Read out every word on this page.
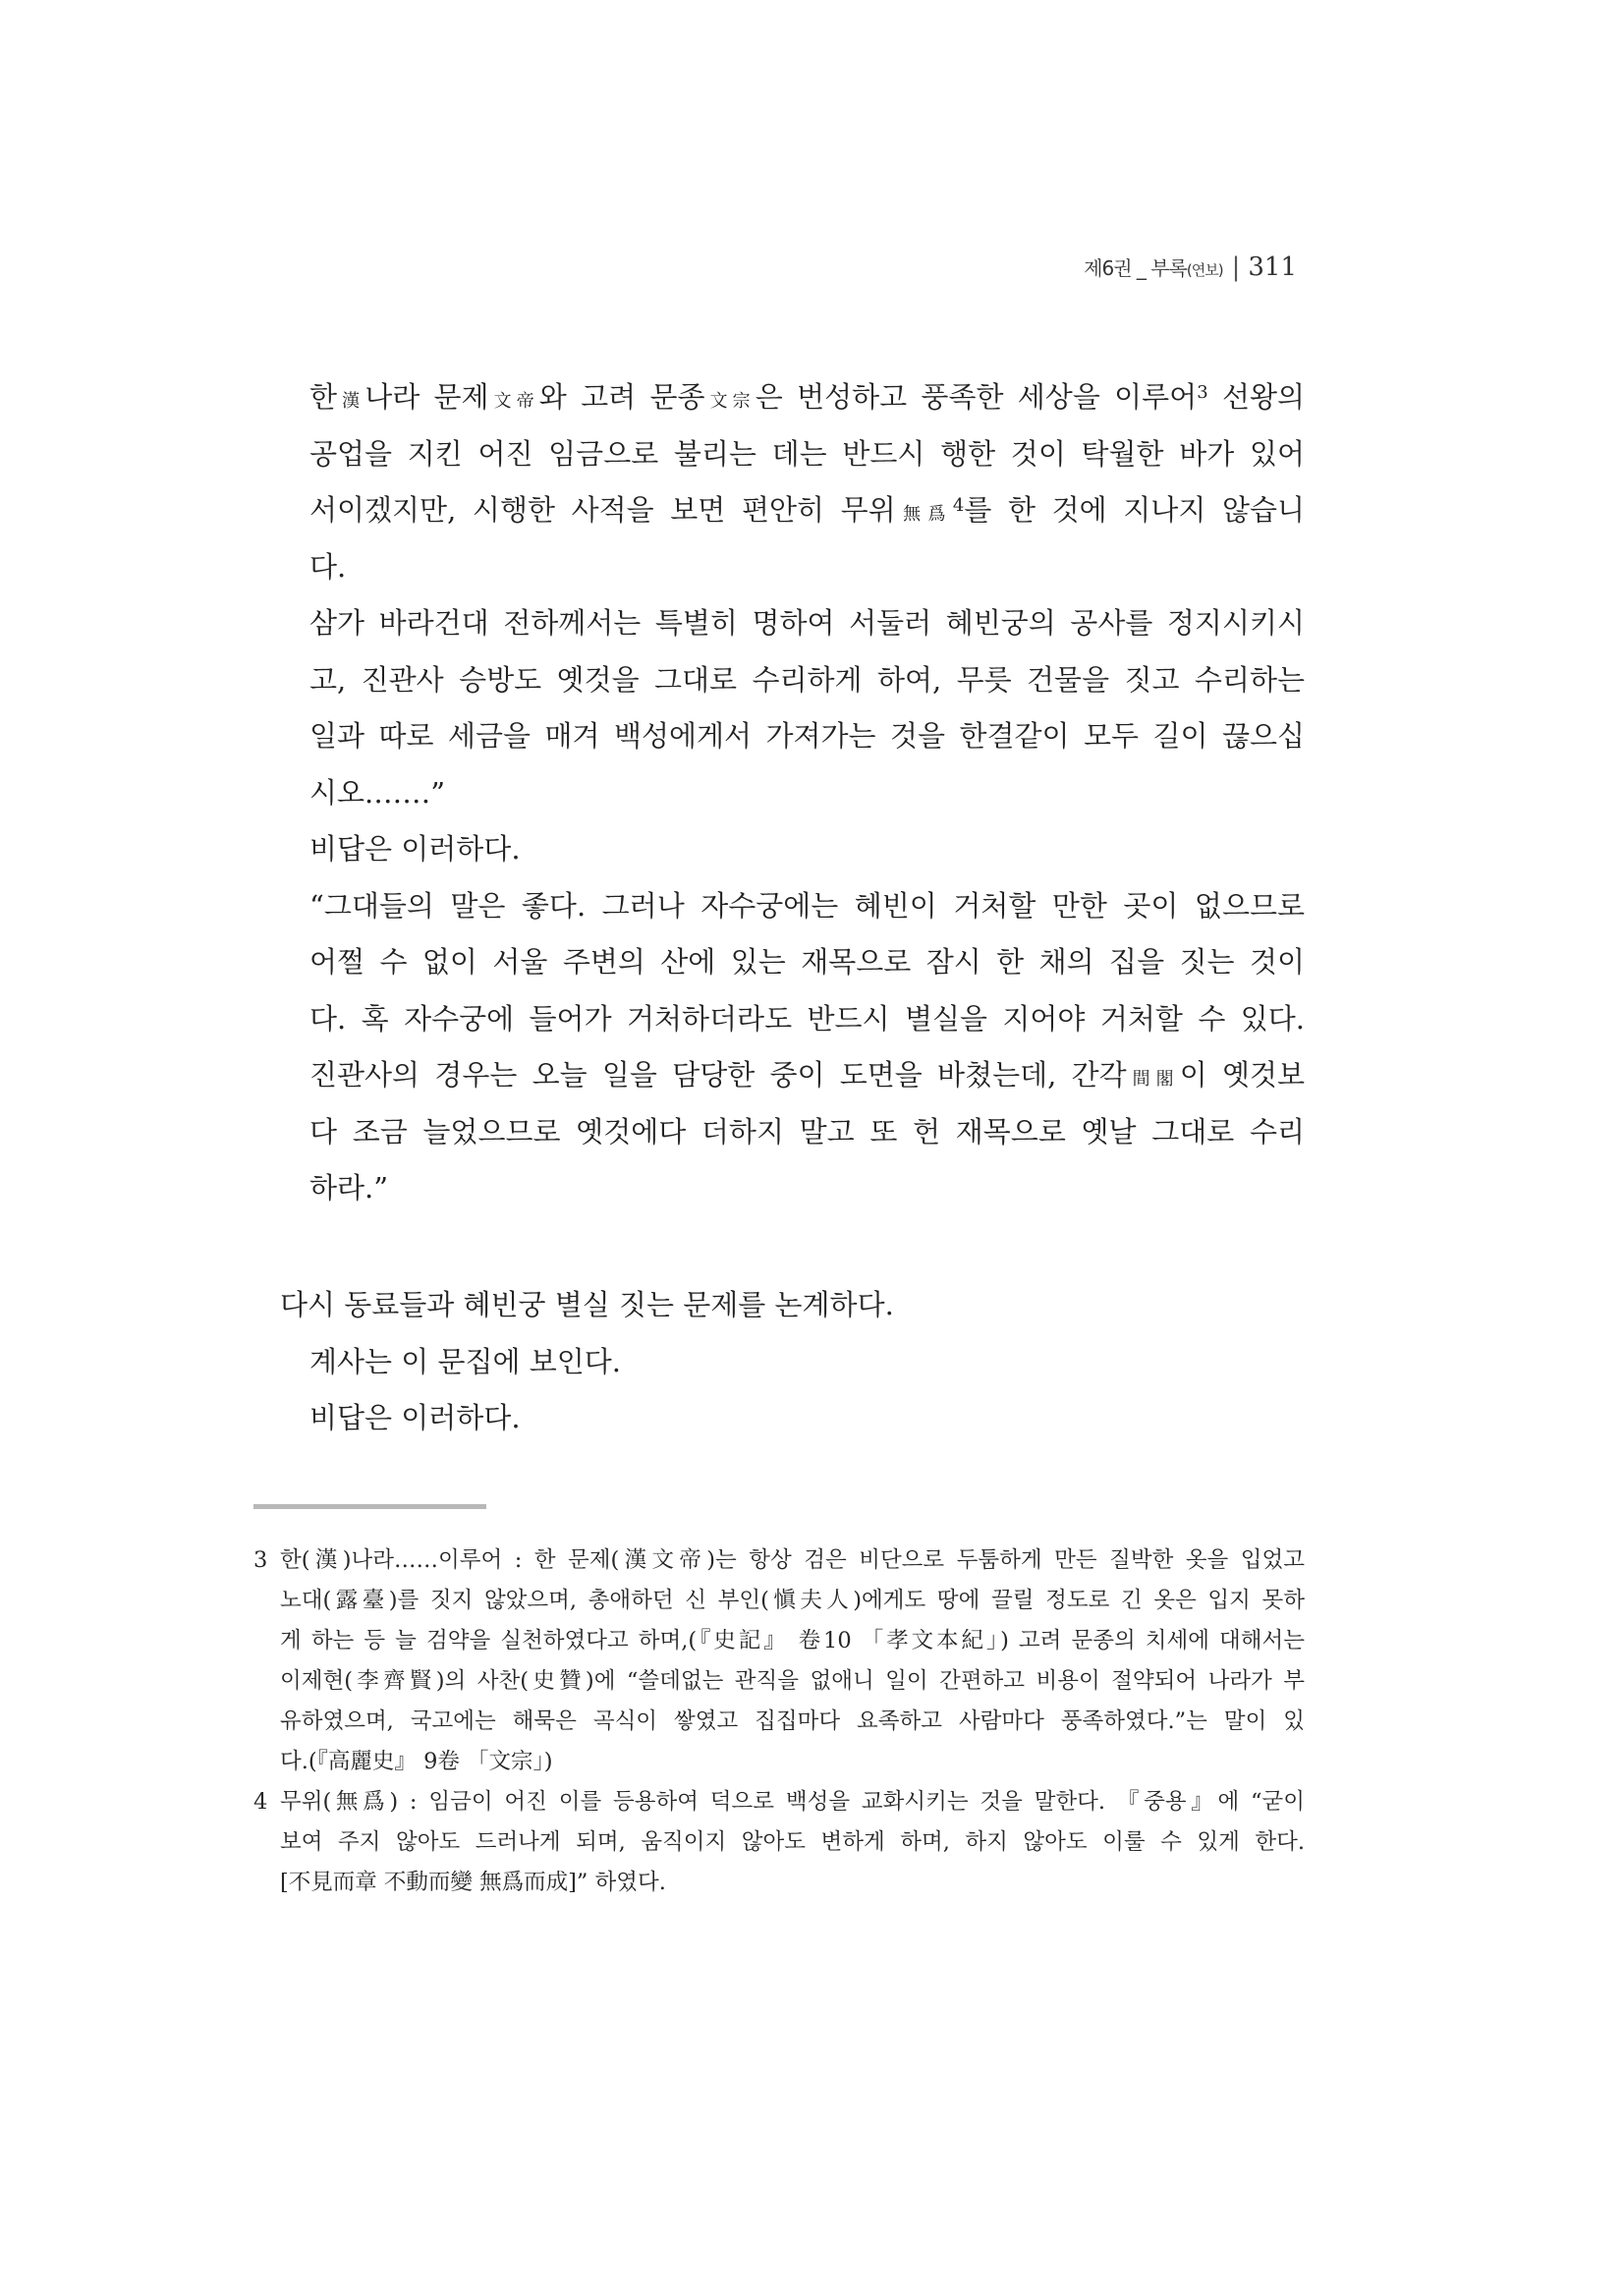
제6권 _ 부록(연보) | 311
한漢나라 문제文帝와 고려 문종文宗은 번성하고 풍족한 세상을 이루어$^3$ 선왕의
공업을 지킨 어진 임금으로 불리는 데는 반드시 행한 것이 탁월한 바가 있어
서이겠지만, 시행한 사적을 보면 편안히 무위無爲$^4$를 한 것에 지나지 않습니
다.
삼가 바라건대 전하께서는 특별히 명하여 서둘러 혜빈궁의 공사를 정지시키시
고, 진관사 승방도 옛것을 그대로 수리하게 하여, 무릇 건물을 짓고 수리하는
일과 따로 세금을 매겨 백성에게서 가져가는 것을 한결같이 모두 길이 끊으십
시오.……”
비답은 이러하다.
“그대들의 말은 좋다. 그러나 자수궁에는 혜빈이 거처할 만한 곳이 없으므로
어쩔 수 없이 서울 주변의 산에 있는 재목으로 잠시 한 채의 집을 짓는 것이
다. 혹 자수궁에 들어가 거처하더라도 반드시 별실을 지어야 거처할 수 있다.
진관사의 경우는 오늘 일을 담당한 중이 도면을 바쳤는데, 간각間閣이 옛것보
다 조금 늘었으므로 옛것에다 더하지 말고 또 헌 재목으로 옛날 그대로 수리
하라.”
다시 동료들과 혜빈궁 별실 짓는 문제를 논계하다.
계사는 이 문집에 보인다.
비답은 이러하다.
3 한(漢)나라……이루어 : 한 문제(漢文帝)는 항상 검은 비단으로 두툼하게 만든 질박한 옷을 입었고
노대(露臺)를 짓지 않았으며, 총애하던 신 부인(愼夫人)에게도 땅에 끌릴 정도로 긴 옷은 입지 못하
게 하는 등 늘 검약을 실천하였다고 하며,(『史記』 卷10 「孝文本紀」) 고려 문종의 치세에 대해서는
이제현(李齊賢)의 사찬(史贊)에 “쓸데없는 관직을 없애니 일이 간편하고 비용이 절약되어 나라가 부
유하였으며, 국고에는 해묵은 곡식이 쌓였고 집집마다 요족하고 사람마다 풍족하였다.”는 말이 있
다.(『高麗史』 9卷 「文宗」)
4 무위(無爲) : 임금이 어진 이를 등용하여 덕으로 백성을 교화시키는 것을 말한다. 『중용』에 “굳이
보여 주지 않아도 드러나게 되며, 움직이지 않아도 변하게 하며, 하지 않아도 이룰 수 있게 한다.
[不見而章 不動而變 無爲而成]” 하였다.
